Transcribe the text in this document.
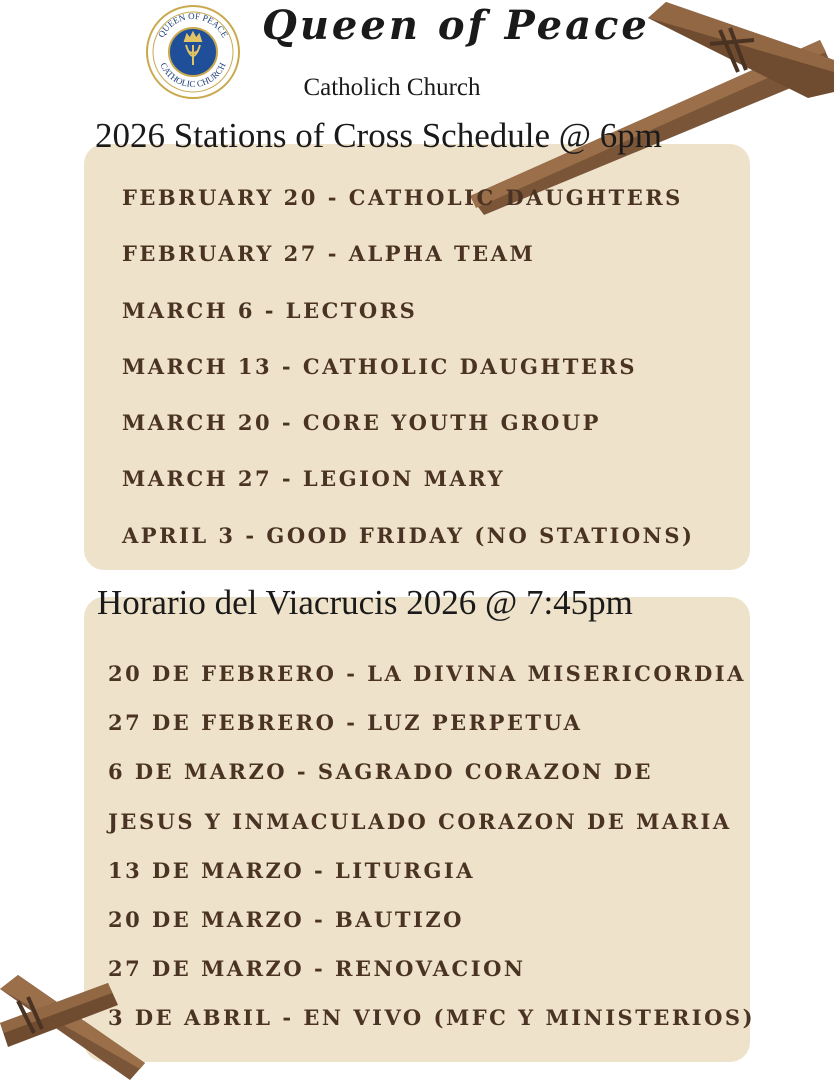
QUEEN OF PEACE
CATHOLIC CHURCH
Queen of Peace
Catholich Church
2026 Stations of Cross Schedule @ 6pm
Horario del Viacrucis 2026 @ 7:45pm
FEBRUARY 20 - CATHOLIC DAUGHTERS
FEBRUARY 27 - ALPHA TEAM
MARCH 6 - LECTORS
MARCH 13 - CATHOLIC DAUGHTERS
MARCH 20 - CORE YOUTH GROUP
MARCH 27 - LEGION MARY
APRIL 3 - GOOD FRIDAY (NO STATIONS)
20 DE FEBRERO - LA DIVINA MISERICORDIA
27 DE FEBRERO - LUZ PERPETUA
6 DE MARZO - SAGRADO CORAZON DE
JESUS Y INMACULADO CORAZON DE MARIA
13 DE MARZO - LITURGIA
20 DE MARZO - BAUTIZO
27 DE MARZO - RENOVACION
3 DE ABRIL - EN VIVO (MFC Y MINISTERIOS)
